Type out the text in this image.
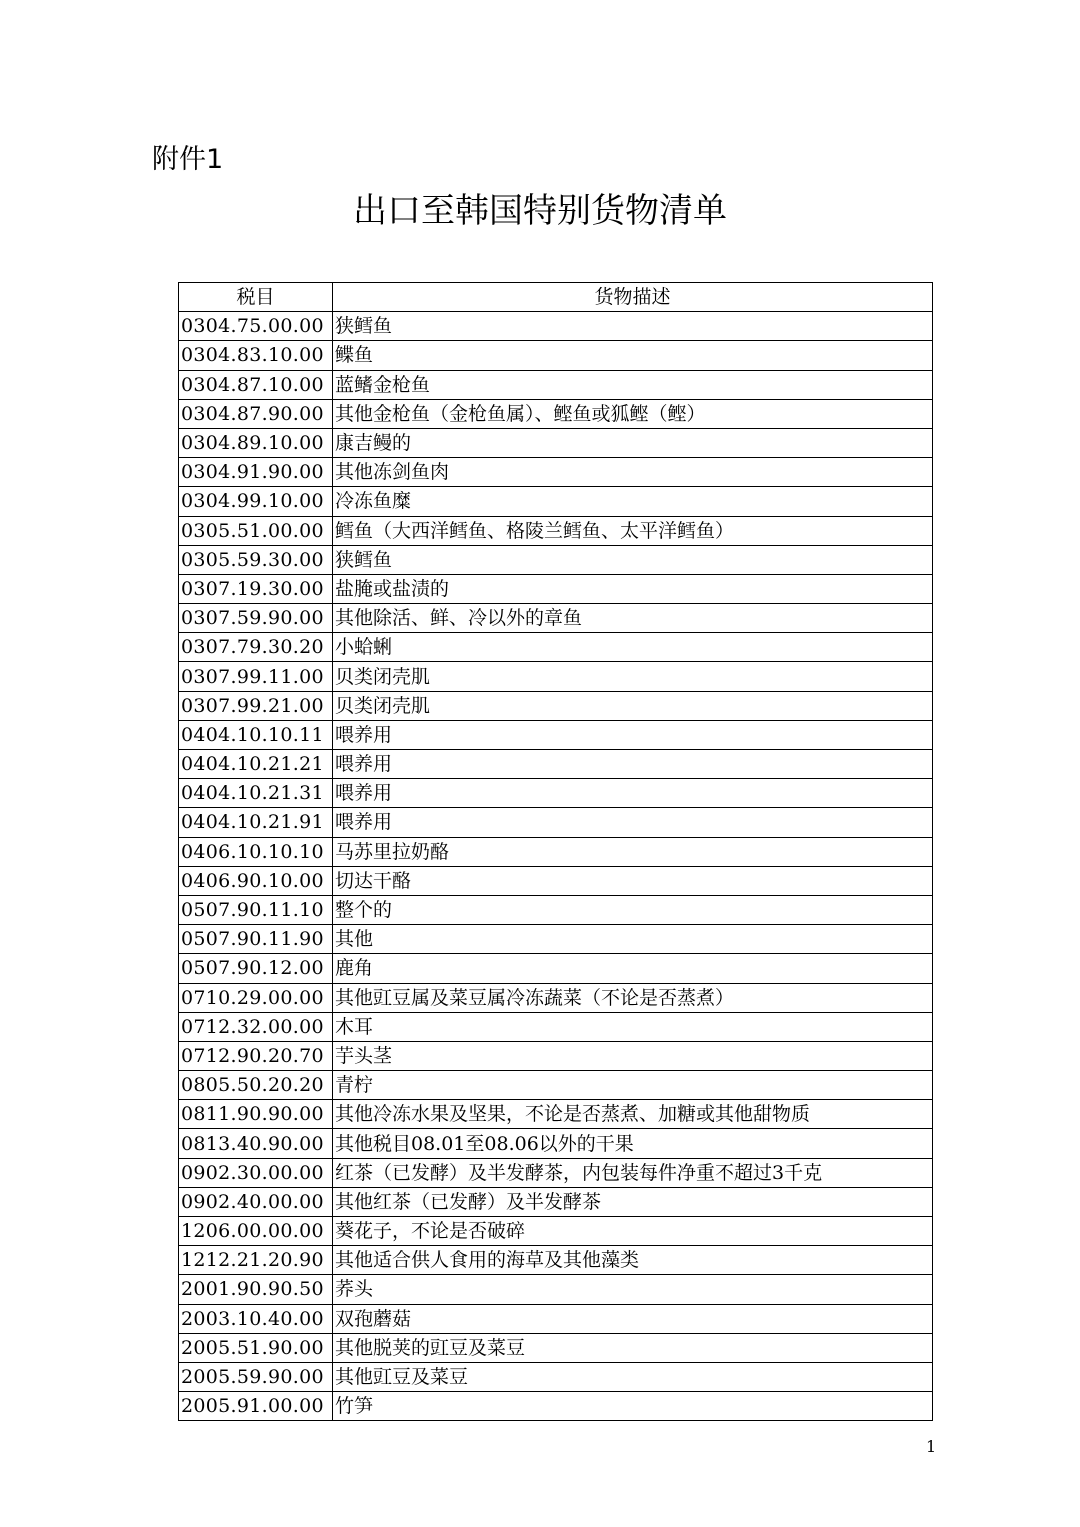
附件1
出口至韩国特别货物清单
税目	货物描述
0304.75.00.00	狭鳕鱼
0304.83.10.00	鲽鱼
0304.87.10.00	蓝鳍金枪鱼
0304.87.90.00	其他金枪鱼（金枪鱼属）、鲣鱼或狐鲣（鲣）
0304.89.10.00	康吉鳗的
0304.91.90.00	其他冻剑鱼肉
0304.99.10.00	冷冻鱼糜
0305.51.00.00	鳕鱼（大西洋鳕鱼、格陵兰鳕鱼、太平洋鳕鱼）
0305.59.30.00	狭鳕鱼
0307.19.30.00	盐腌或盐渍的
0307.59.90.00	其他除活、鲜、冷以外的章鱼
0307.79.30.20	小蛤蜊
0307.99.11.00	贝类闭壳肌
0307.99.21.00	贝类闭壳肌
0404.10.10.11	喂养用
0404.10.21.21	喂养用
0404.10.21.31	喂养用
0404.10.21.91	喂养用
0406.10.10.10	马苏里拉奶酪
0406.90.10.00	切达干酪
0507.90.11.10	整个的
0507.90.11.90	其他
0507.90.12.00	鹿角
0710.29.00.00	其他豇豆属及菜豆属冷冻蔬菜（不论是否蒸煮）
0712.32.00.00	木耳
0712.90.20.70	芋头茎
0805.50.20.20	青柠
0811.90.90.00	其他冷冻水果及坚果，不论是否蒸煮、加糖或其他甜物质
0813.40.90.00	其他税目08.01至08.06以外的干果
0902.30.00.00	红茶（已发酵）及半发酵茶，内包装每件净重不超过3千克
0902.40.00.00	其他红茶（已发酵）及半发酵茶
1206.00.00.00	葵花子，不论是否破碎
1212.21.20.90	其他适合供人食用的海草及其他藻类
2001.90.90.50	荞头
2003.10.40.00	双孢蘑菇
2005.51.90.00	其他脱荚的豇豆及菜豆
2005.59.90.00	其他豇豆及菜豆
2005.91.00.00	竹笋
1
